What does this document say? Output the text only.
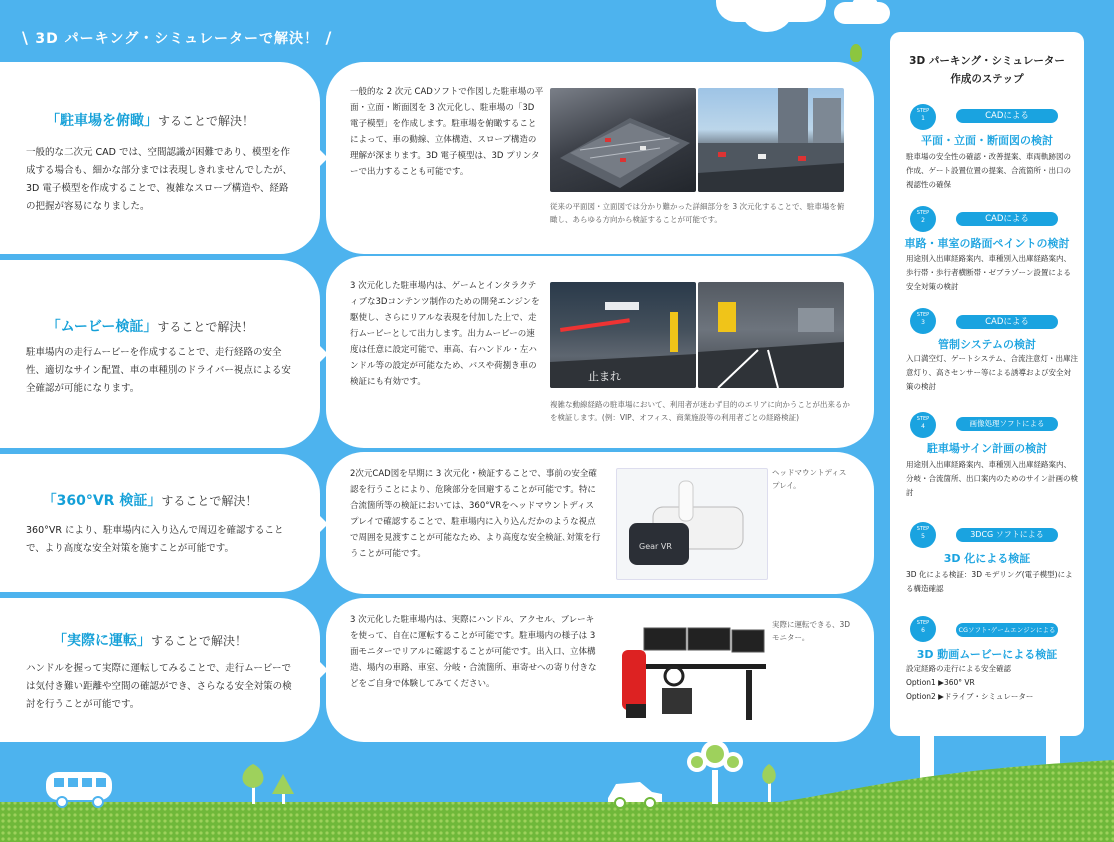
\ 3D パーキング・シミュレーターで解決！ /
「駐車場を俯瞰」することで解決！
一般的な二次元 CAD では、空間認識が困難であり、模型を作成する場合も、細かな部分までは表現しきれませんでしたが、3D 電子模型を作成することで、複雑なスロープ構造や、経路の把握が容易になりました。
一般的な 2 次元 CADソフトで作図した駐車場の平面・立面・断面図を 3 次元化し、駐車場の「3D 電子模型」を作成します。駐車場を俯瞰することによって、車の動線、立体構造、スロープ構造の理解が深まります。3D 電子模型は、3D プリンターで出力することも可能です。
従来の平面図・立面図では分かり難かった詳細部分を 3 次元化することで、駐車場を俯瞰し、あらゆる方向から検証することが可能です。
「ムービー検証」することで解決！
駐車場内の走行ムービーを作成することで、走行経路の安全性、適切なサイン配置、車の車種別のドライバー視点による安全確認が可能になります。
3 次元化した駐車場内は、ゲームとインタラクティブな3Dコンテンツ制作のための開発エンジンを駆使し、さらにリアルな表現を付加した上で、走行ムービーとして出力します。出力ムービーの速度は任意に設定可能で、車高、右ハンドル・左ハンドル等の設定が可能なため、バスや荷捌き車の検証にも有効です。	止まれ
複雑な動線経路の駐車場において、利用者が迷わず目的のエリアに向かうことが出来るかを検証します。(例：VIP、オフィス、商業施設等の利用者ごとの経路検証)
「360°VR 検証」することで解決！
360°VR により、駐車場内に入り込んで周辺を確認することで、より高度な安全対策を施すことが可能です。
2次元CAD図を早期に 3 次元化・検証することで、事前の安全確認を行うことにより、危険部分を回避することが可能です。特に合流箇所等の検証においては、360°VRをヘッドマウントディスプレイで確認することで、駐車場内に入り込んだかのような視点で周囲を見渡すことが可能なため、より高度な安全検証､対策を行うことが可能です。
Gear VR
ヘッドマウントディスプレイ。
「実際に運転」することで解決！
ハンドルを握って実際に運転してみることで、走行ムービーでは気付き難い距離や空間の確認ができ、さらなる安全対策の検討を行うことが可能です。
3 次元化した駐車場内は、実際にハンドル、アクセル、ブレーキを使って、自在に運転することが可能です。駐車場内の様子は 3 面モニターでリアルに確認することが可能です。出入口、立体構造、場内の車路、車室、分岐・合流箇所、車寄せへの寄り付きなどをご自身で体験してみてください。
実際に運転できる、3D モニター。
3D パーキング・シミュレーター
作成のステップ
STEP
1	CADによる
平面・立面・断面図の検討
駐車場の安全性の確認・改善提案、車両軌跡図の作成、ゲート設置位置の提案、合流箇所・出口の視認性の確保
STEP
2	CADによる
車路・車室の路面ペイントの検討
用途別入出庫経路案内、車種別入出庫経路案内、歩行帯・歩行者横断帯・ゼブラゾーン設置による安全対策の検討
STEP
3	CADによる
管制システムの検討
入口満空灯、ゲートシステム、合流注意灯・出庫注意灯り、高さセンサー等による誘導および安全対策の検討
STEP
4	画像処理ソフトによる
駐車場サイン計画の検討
用途別入出庫経路案内、車種別入出庫経路案内、分岐・合流箇所、出口案内のためのサイン計画の検討
STEP
5	3DCG ソフトによる
3D 化による検証
3D 化による検証：3D モデリング(電子模型)による構造確認
STEP
6	CGソフト･ゲームエンジンによる
3D 動画ムービーによる検証
設定経路の走行による安全確認
Option1 ▶360° VR
Option2 ▶ドライブ・シミュレーター
